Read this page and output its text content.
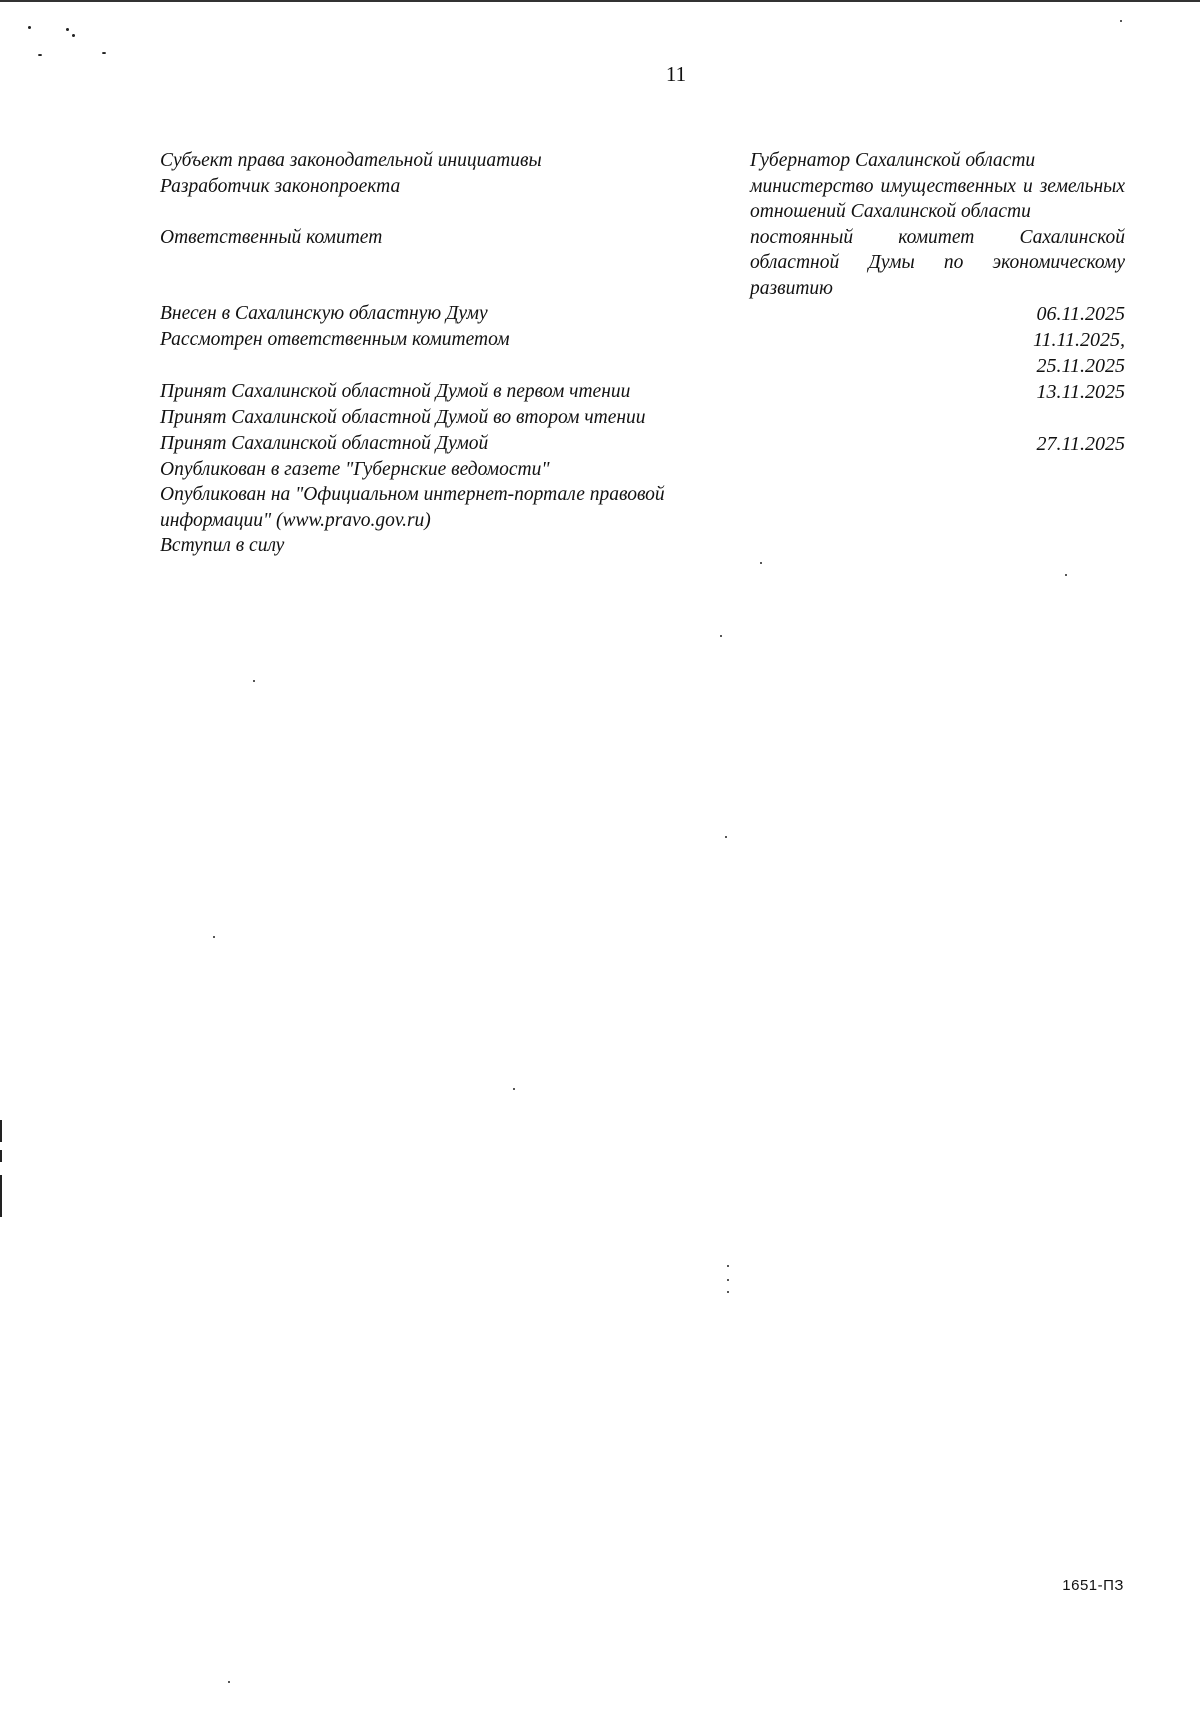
11
Субъект права законодательной инициативы	Губернатор Сахалинской области
Разработчик законопроекта	министерство имущественных и земельных отношений Сахалинской области
Ответственный комитет	постоянный комитет Сахалинской областной Думы по экономическому развитию
Внесен в Сахалинскую областную Думу	06.11.2025
Рассмотрен ответственным комитетом	11.11.2025,
25.11.2025
Принят Сахалинской областной Думой в первом чтении	13.11.2025
Принят Сахалинской областной Думой во втором чтении
Принят Сахалинской областной Думой	27.11.2025
Опубликован в газете "Губернские ведомости"
Опубликован на "Официальном интернет-портале правовой информации" (www.pravo.gov.ru)
Вступил в силу
1651-ПЗ
